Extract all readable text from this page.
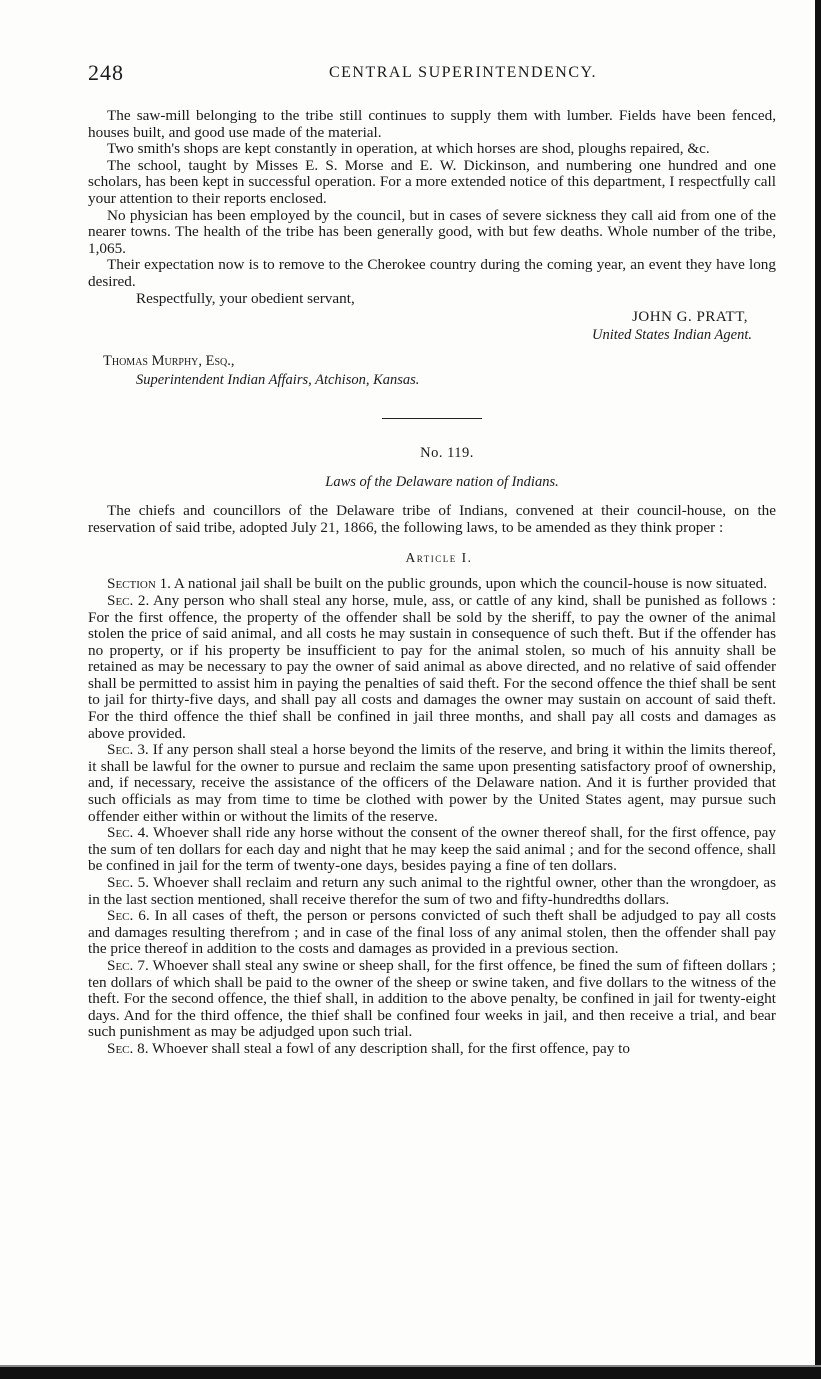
248	CENTRAL SUPERINTENDENCY.

The saw-mill belonging to the tribe still continues to supply them with lumber. Fields have been fenced, houses built, and good use made of the material.

Two smith's shops are kept constantly in operation, at which horses are shod, ploughs repaired, &c.

The school, taught by Misses E. S. Morse and E. W. Dickinson, and numbering one hundred and one scholars, has been kept in successful operation. For a more extended notice of this department, I respectfully call your attention to their reports enclosed.

No physician has been employed by the council, but in cases of severe sickness they call aid from one of the nearer towns. The health of the tribe has been generally good, with but few deaths. Whole number of the tribe, 1,065.

Their expectation now is to remove to the Cherokee country during the coming year, an event they have long desired.

Respectfully, your obedient servant,

JOHN G. PRATT,
United States Indian Agent.
Thomas Murphy, Esq.,
Superintendent Indian Affairs, Atchison, Kansas.
No. 119.
Laws of the Delaware nation of Indians.

The chiefs and councillors of the Delaware tribe of Indians, convened at their council-house, on the reservation of said tribe, adopted July 21, 1866, the following laws, to be amended as they think proper :

Article I.

Section 1. A national jail shall be built on the public grounds, upon which the council-house is now situated.

Sec. 2. Any person who shall steal any horse, mule, ass, or cattle of any kind, shall be punished as follows : For the first offence, the property of the offender shall be sold by the sheriff, to pay the owner of the animal stolen the price of said animal, and all costs he may sustain in consequence of such theft. But if the offender has no property, or if his property be insufficient to pay for the animal stolen, so much of his annuity shall be retained as may be necessary to pay the owner of said animal as above directed, and no relative of said offender shall be permitted to assist him in paying the penalties of said theft. For the second offence the thief shall be sent to jail for thirty-five days, and shall pay all costs and damages the owner may sustain on account of said theft. For the third offence the thief shall be confined in jail three months, and shall pay all costs and damages as above provided.

Sec. 3. If any person shall steal a horse beyond the limits of the reserve, and bring it within the limits thereof, it shall be lawful for the owner to pursue and reclaim the same upon presenting satisfactory proof of ownership, and, if necessary, receive the assistance of the officers of the Delaware nation. And it is further provided that such officials as may from time to time be clothed with power by the United States agent, may pursue such offender either within or without the limits of the reserve.

Sec. 4. Whoever shall ride any horse without the consent of the owner thereof shall, for the first offence, pay the sum of ten dollars for each day and night that he may keep the said animal ; and for the second offence, shall be confined in jail for the term of twenty-one days, besides paying a fine of ten dollars.

Sec. 5. Whoever shall reclaim and return any such animal to the rightful owner, other than the wrongdoer, as in the last section mentioned, shall receive therefor the sum of two and fifty-hundredths dollars.

Sec. 6. In all cases of theft, the person or persons convicted of such theft shall be adjudged to pay all costs and damages resulting therefrom ; and in case of the final loss of any animal stolen, then the offender shall pay the price thereof in addition to the costs and damages as provided in a previous section.

Sec. 7. Whoever shall steal any swine or sheep shall, for the first offence, be fined the sum of fifteen dollars ; ten dollars of which shall be paid to the owner of the sheep or swine taken, and five dollars to the witness of the theft. For the second offence, the thief shall, in addition to the above penalty, be confined in jail for twenty-eight days. And for the third offence, the thief shall be confined four weeks in jail, and then receive a trial, and bear such punishment as may be adjudged upon such trial.

Sec. 8. Whoever shall steal a fowl of any description shall, for the first offence, pay to
